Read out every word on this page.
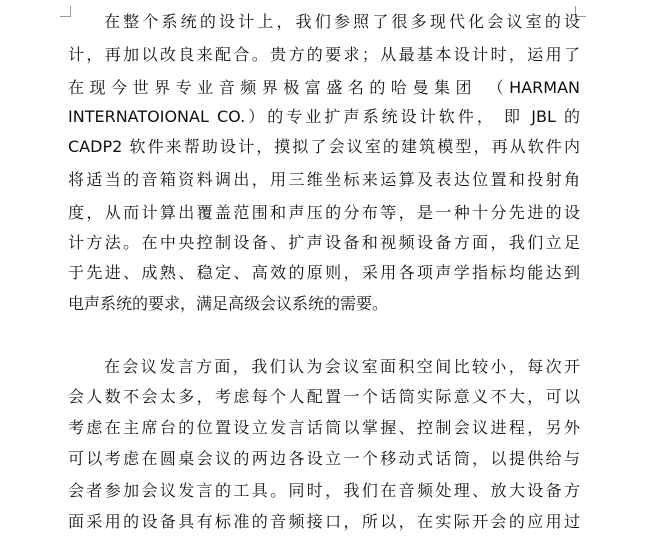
在整个系统的设计上，我们参照了很多现代化会议室的设
计，再加以改良来配合。贵方的要求；从最基本设计时，运用了
在现今世界专业音频界极富盛名的哈曼集团 （HARMAN
INTERNATOIONAL CO.）的专业扩声系统设计软件， 即 JBL 的
CADP2 软件来帮助设计，摸拟了会议室的建筑模型，再从软件内
将适当的音箱资料调出，用三维坐标来运算及表达位置和投射角
度，从而计算出覆盖范围和声压的分布等，是一种十分先进的设
计方法。在中央控制设备、扩声设备和视频设备方面，我们立足
于先进、成熟、稳定、高效的原则，采用各项声学指标均能达到
电声系统的要求，满足高级会议系统的需要。
在会议发言方面，我们认为会议室面积空间比较小，每次开
会人数不会太多，考虑每个人配置一个话筒实际意义不大，可以
考虑在主席台的位置设立发言话筒以掌握、控制会议进程，另外
可以考虑在圆桌会议的两边各设立一个移动式话筒，以提供给与
会者参加会议发言的工具。同时，我们在音频处理、放大设备方
面采用的设备具有标准的音频接口，所以，在实际开会的应用过
